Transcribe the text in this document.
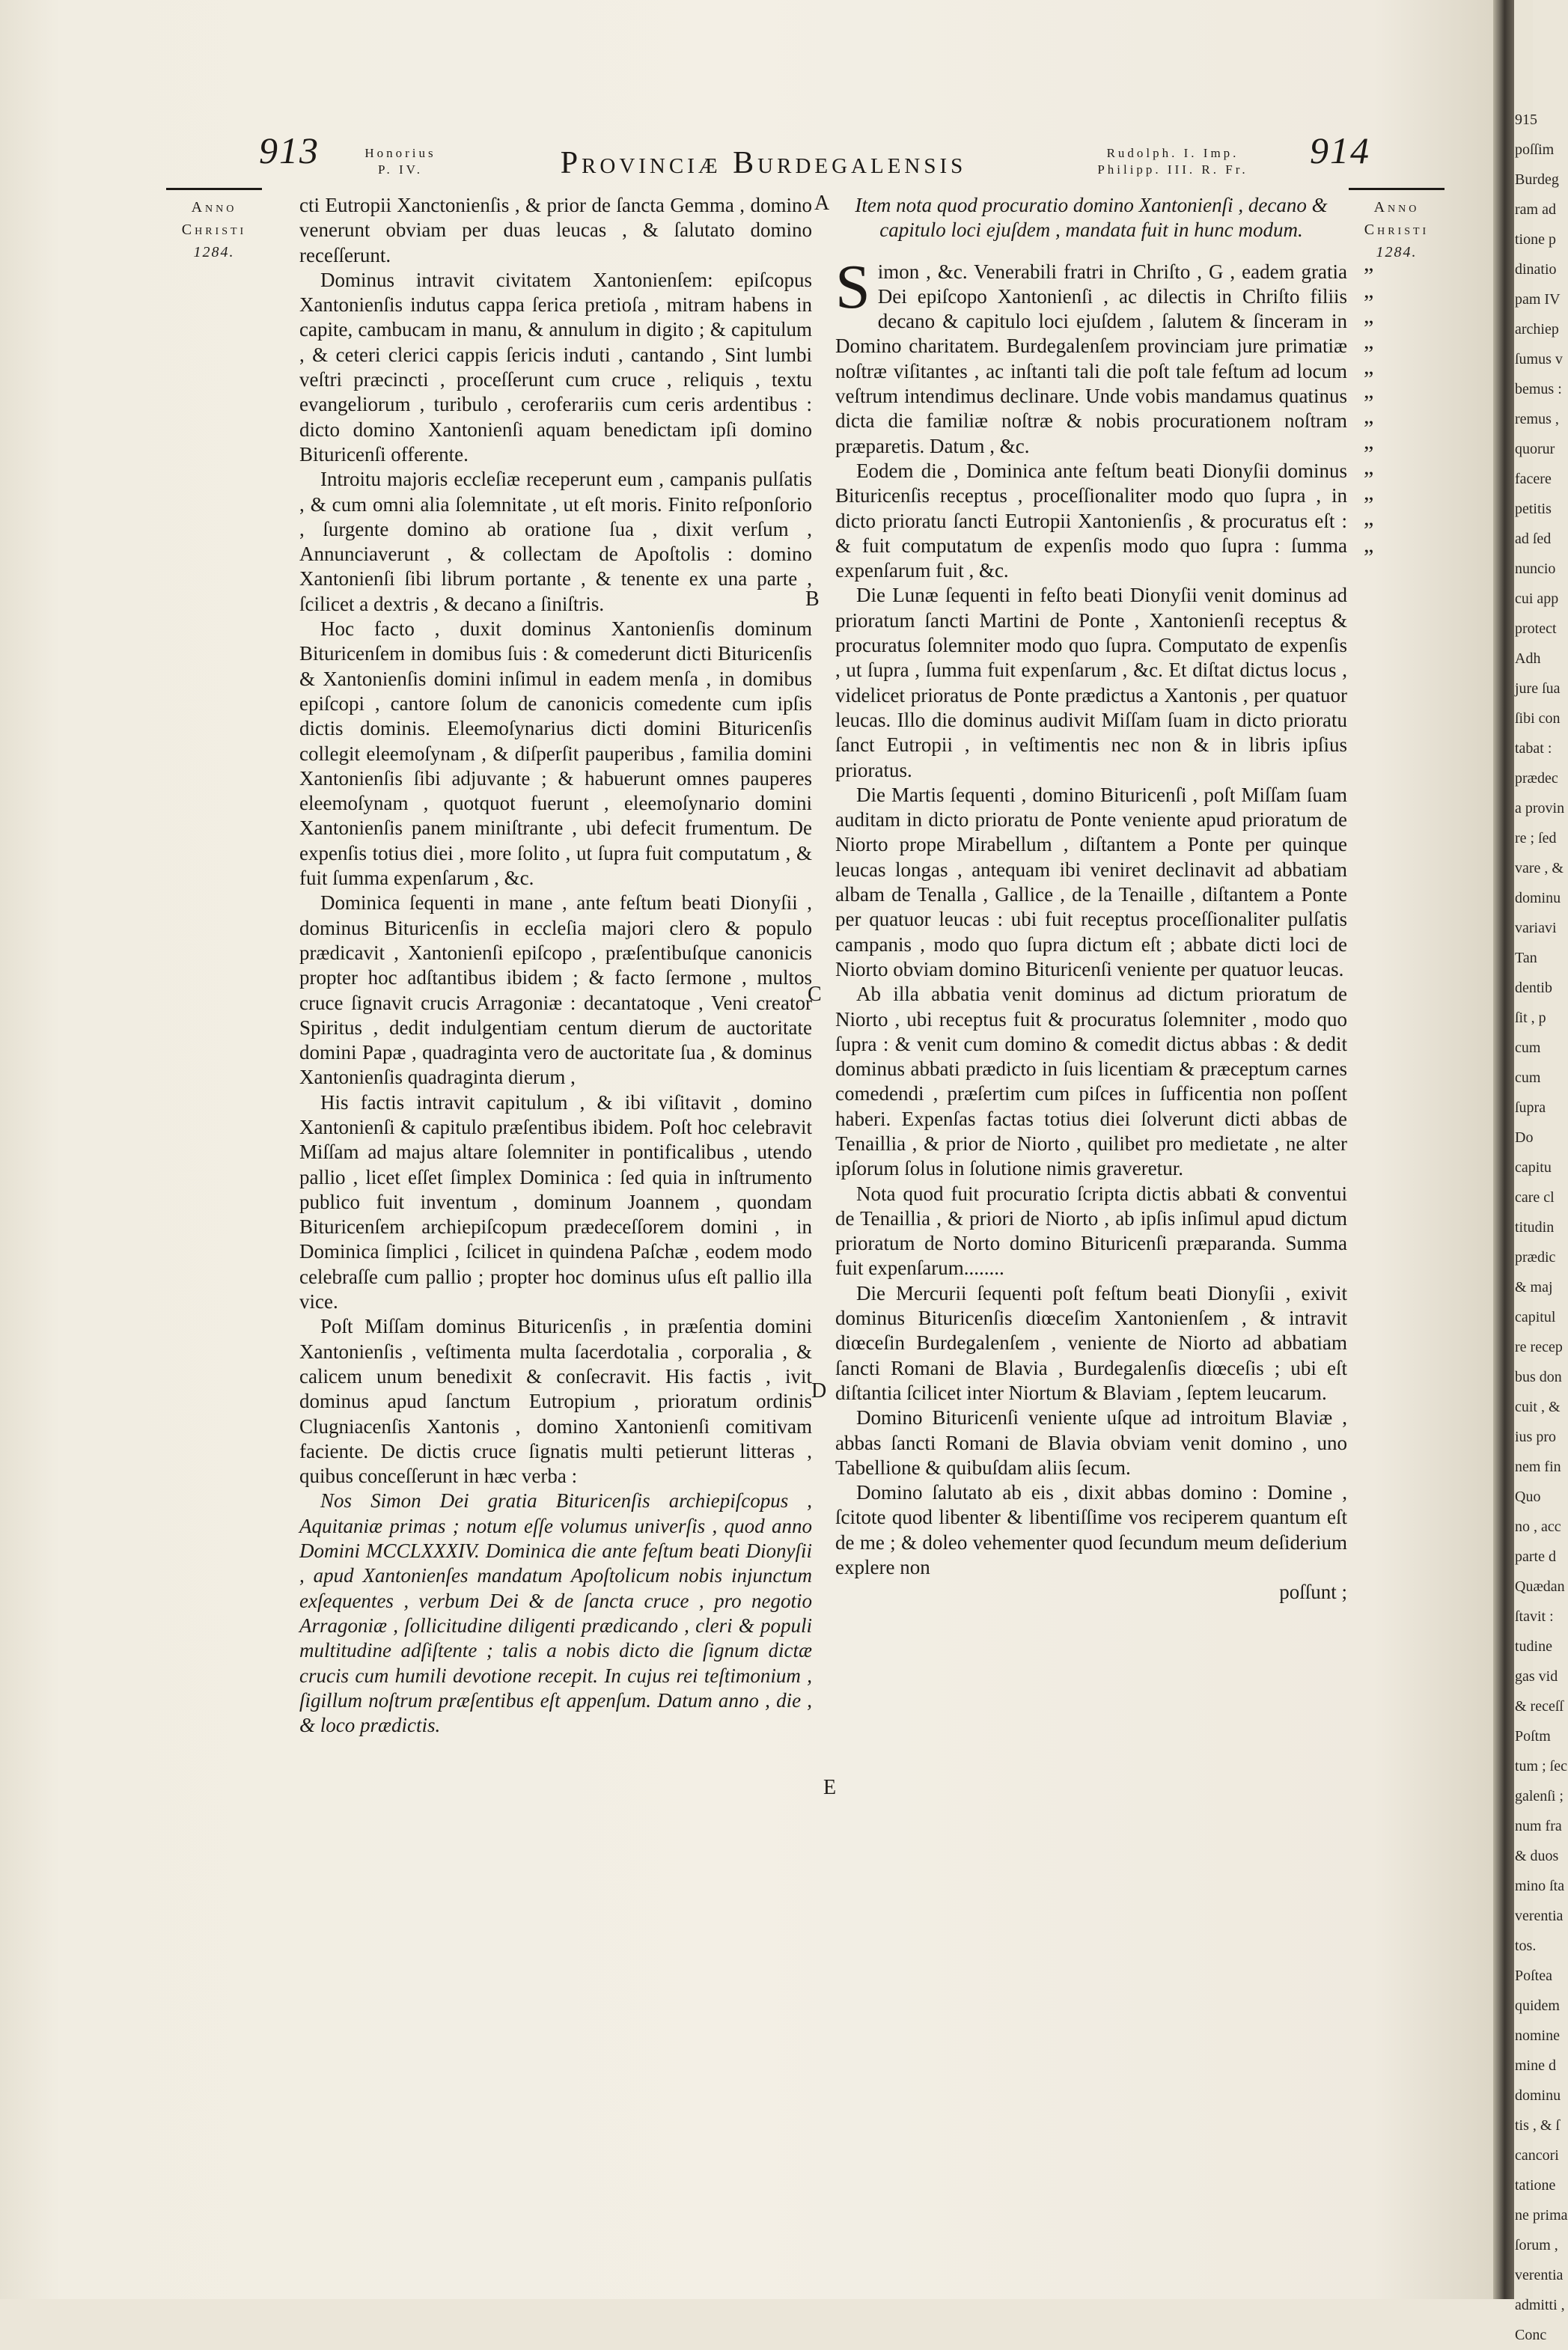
913	Honorius
P. IV.	Provinciæ Burdegalensis	Rudolph. I. Imp.
Philipp. III. R. Fr.	914
Anno
Christi
1284.
Anno
Christi
1284.
A
B
C
D
E

cti Eutropii Xanctonienſis , & prior de ſancta Gemma , domino venerunt obviam per duas leucas , & ſalutato domino receſſerunt.

Dominus intravit civitatem Xantonienſem: epiſcopus Xantonienſis indutus cappa ſerica pretioſa , mitram habens in capite, cambucam in manu, & annulum in digito ; & capitulum , & ceteri clerici cappis ſericis induti , cantando , Sint lumbi veſtri præcincti , proceſſerunt cum cruce , reliquis , textu evangeliorum , turibulo , ceroferariis cum ceris ardentibus : dicto domino Xantonienſi aquam benedictam ipſi domino Bituricenſi offerente.

Introitu majoris eccleſiæ receperunt eum , campanis pulſatis , & cum omni alia ſolemnitate , ut eſt moris. Finito reſponſorio , ſurgente domino ab oratione ſua , dixit verſum , Annunciaverunt , & collectam de Apoſtolis : domino Xantonienſi ſibi librum portante , & tenente ex una parte , ſcilicet a dextris , & decano a ſiniſtris.

Hoc facto , duxit dominus Xantonienſis dominum Bituricenſem in domibus ſuis : & comederunt dicti Bituricenſis & Xantonienſis domini inſimul in eadem menſa , in domibus epiſcopi , cantore ſolum de canonicis comedente cum ipſis dictis dominis. Eleemoſynarius dicti domini Bituricenſis collegit eleemoſynam , & diſperſit pauperibus , familia domini Xantonienſis ſibi adjuvante ; & habuerunt omnes pauperes eleemoſynam , quotquot fuerunt , eleemoſynario domini Xantonienſis panem miniſtrante , ubi defecit frumentum. De expenſis totius diei , more ſolito , ut ſupra fuit computatum , & fuit ſumma expenſarum , &c.

Dominica ſequenti in mane , ante feſtum beati Dionyſii , dominus Bituricenſis in eccleſia majori clero & populo prædicavit , Xantonienſi epiſcopo , præſentibuſque canonicis propter hoc adſtantibus ibidem ; & facto ſermone , multos cruce ſignavit crucis Arragoniæ : decantatoque , Veni creator Spiritus , dedit indulgentiam centum dierum de auctoritate domini Papæ , quadraginta vero de auctoritate ſua , & dominus Xantonienſis quadraginta dierum ,

His factis intravit capitulum , & ibi viſitavit , domino Xantonienſi & capitulo præſentibus ibidem. Poſt hoc celebravit Miſſam ad majus altare ſolemniter in pontificalibus , utendo pallio , licet eſſet ſimplex Dominica : ſed quia in inſtrumento publico fuit inventum , dominum Joannem , quondam Bituricenſem archiepiſcopum prædeceſſorem domini , in Dominica ſimplici , ſcilicet in quindena Paſchæ , eodem modo celebraſſe cum pallio ; propter hoc dominus uſus eſt pallio illa vice.

Poſt Miſſam dominus Bituricenſis , in præſentia domini Xantonienſis , veſtimenta multa ſacerdotalia , corporalia , & calicem unum benedixit & conſecravit. His factis , ivit dominus apud ſanctum Eutropium , prioratum ordinis Clugniacenſis Xantonis , domino Xantonienſi comitivam faciente. De dictis cruce ſignatis multi petierunt litteras , quibus conceſſerunt in hæc verba :

Nos Simon Dei gratia Bituricenſis archiepiſcopus , Aquitaniæ primas ; notum eſſe volumus univerſis , quod anno Domini MCCLXXXIV. Dominica die ante feſtum beati Dionyſii , apud Xantonienſes mandatum Apoſtolicum nobis injunctum exſequentes , verbum Dei & de ſancta cruce , pro negotio Arragoniæ , ſollicitudine diligenti prædicando , cleri & populi multitudine adſiſtente ; talis a nobis dicto die ſignum dictæ crucis cum humili devotione recepit. In cujus rei teſtimonium , ſigillum noſtrum præſentibus eſt appenſum. Datum anno , die , & loco prædictis.

Item nota quod procuratio domino Xantonienſi , decano & capitulo loci ejuſdem , mandata fuit in hunc modum.

Simon , &c. Venerabili fratri in Chriſto , G , eadem gratia Dei epiſcopo Xantonienſi , ac dilectis in Chriſto filiis decano & capitulo loci ejuſdem , ſalutem & ſinceram in Domino charitatem. Burdegalenſem provinciam jure primatiæ noſtræ viſitantes , ac inſtanti tali die poſt tale feſtum ad locum veſtrum intendimus declinare. Unde vobis mandamus quatinus dicta die familiæ noſtræ & nobis procurationem noſtram præparetis. Datum , &c.

Eodem die , Dominica ante feſtum beati Dionyſii dominus Bituricenſis receptus , proceſſionaliter modo quo ſupra , in dicto prioratu ſancti Eutropii Xantonienſis , & procuratus eſt : & fuit computatum de expenſis modo quo ſupra : ſumma expenſarum fuit , &c.

Die Lunæ ſequenti in feſto beati Dionyſii venit dominus ad prioratum ſancti Martini de Ponte , Xantonienſi receptus & procuratus ſolemniter modo quo ſupra. Computato de expenſis , ut ſupra , ſumma fuit expenſarum , &c. Et diſtat dictus locus , videlicet prioratus de Ponte prædictus a Xantonis , per quatuor leucas. Illo die dominus audivit Miſſam ſuam in dicto prioratu ſanct Eutropii , in veſtimentis nec non & in libris ipſius prioratus.

Die Martis ſequenti , domino Bituricenſi , poſt Miſſam ſuam auditam in dicto prioratu de Ponte veniente apud prioratum de Niorto prope Mirabellum , diſtantem a Ponte per quinque leucas longas , antequam ibi veniret declinavit ad abbatiam albam de Tenalla , Gallice , de la Tenaille , diſtantem a Ponte per quatuor leucas : ubi fuit receptus proceſſionaliter pulſatis campanis , modo quo ſupra dictum eſt ; abbate dicti loci de Niorto obviam domino Bituricenſi veniente per quatuor leucas.

Ab illa abbatia venit dominus ad dictum prioratum de Niorto , ubi receptus fuit & procuratus ſolemniter , modo quo ſupra : & venit cum domino & comedit dictus abbas : & dedit dominus abbati prædicto in ſuis licentiam & præceptum carnes comedendi , præſertim cum piſces in ſufficentia non poſſent haberi. Expenſas factas totius diei ſolverunt dicti abbas de Tenaillia , & prior de Niorto , quilibet pro medietate , ne alter ipſorum ſolus in ſolutione nimis graveretur.

Nota quod fuit procuratio ſcripta dictis abbati & conventui de Tenaillia , & priori de Niorto , ab ipſis inſimul apud dictum prioratum de Norto domino Bituricenſi præparanda. Summa fuit expenſarum........

Die Mercurii ſequenti poſt feſtum beati Dionyſii , exivit dominus Bituricenſis diœceſim Xantonienſem , & intravit diœceſin Burdegalenſem , veniente de Niorto ad abbatiam ſancti Romani de Blavia , Burdegalenſis diœceſis ; ubi eſt diſtantia ſcilicet inter Niortum & Blaviam , ſeptem leucarum.

Domino Bituricenſi veniente uſque ad introitum Blaviæ , abbas ſancti Romani de Blavia obviam venit domino , uno Tabellione & quibuſdam aliis ſecum.

Domino ſalutato ab eis , dixit abbas domino : Domine , ſcitote quod libenter & libentiſſime vos reciperem quantum eſt de me ; & doleo vehementer quod ſecundum meum deſiderium explere non

poſſunt ;

”
”
”
”
”
”
”
”
”
”
”
”
915
poſſim
Burdeg
ram ad
tione p
dinatio
pam IV
archiep
ſumus v
bemus :
remus ,
quorur
facere
petitis
ad ſed
nuncio
cui app
protect
Adh
jure ſua
ſibi con
tabat :
prædec
a provin
re ; ſed
vare , &
dominu
variavi
Tan
dentib
ſit , p
cum
cum
ſupra
Do
capitu
care cl
titudin
prædic
& maj
capitul
re recep
bus don
cuit , &
ius pro
nem fin
Quo
no , acc
parte d
Quædan
ſtavit :
tudine
gas vid
& receſſ
Poſtm
tum ; ſec
galenſi ;
num fra
& duos
mino ſta
verentia
tos.
Poſtea
quidem
nomine
mine d
dominu
tis , & ſ
cancori
tatione
ne prima
ſorum ,
verentia
admitti ,
Conc
